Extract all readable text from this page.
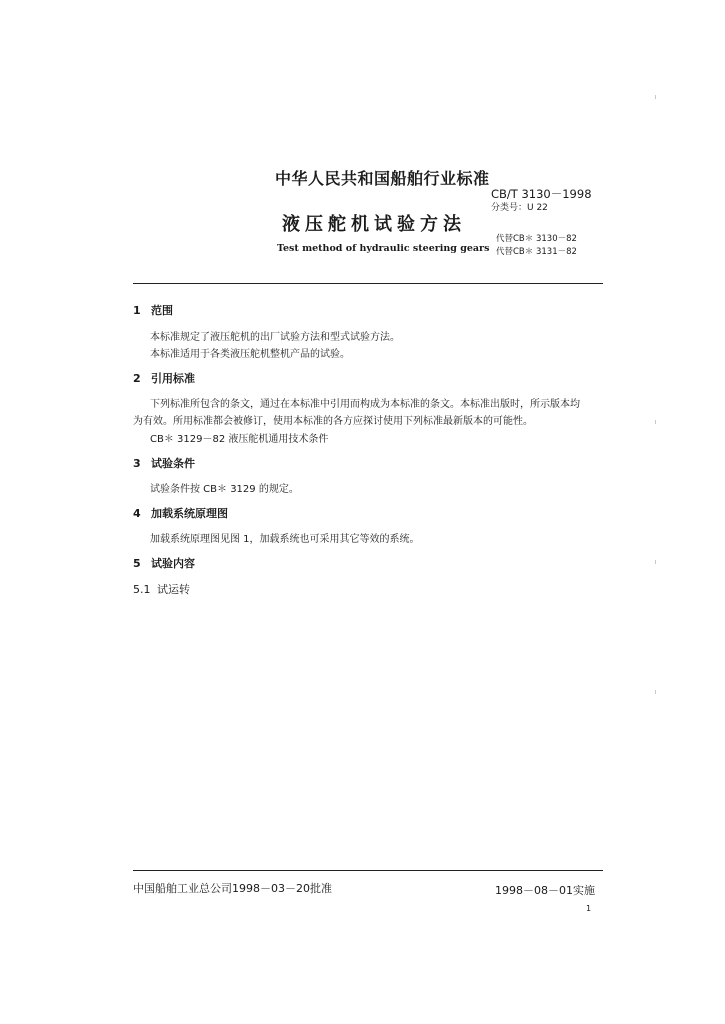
中华人民共和国船舶行业标准
CB/T 3130－1998
分类号：U 22
液压舵机试验方法
Test method of hydraulic steering gears
代替CB＊ 3130－82
代替CB＊ 3131－82
1 范围
本标准规定了液压舵机的出厂试验方法和型式试验方法。
本标准适用于各类液压舵机整机产品的试验。
2 引用标准
下列标准所包含的条文，通过在本标准中引用而构成为本标准的条文。本标准出版时，所示版本均
为有效。所用标准都会被修订，使用本标准的各方应探讨使用下列标准最新版本的可能性。
CB＊ 3129－82 液压舵机通用技术条件
3 试验条件
试验条件按 CB＊ 3129 的规定。
4 加载系统原理图
加载系统原理图见图 1，加载系统也可采用其它等效的系统。
5 试验内容
5.1 试运转
中国船舶工业总公司1998－03－20批准	1998－08－01实施
1
